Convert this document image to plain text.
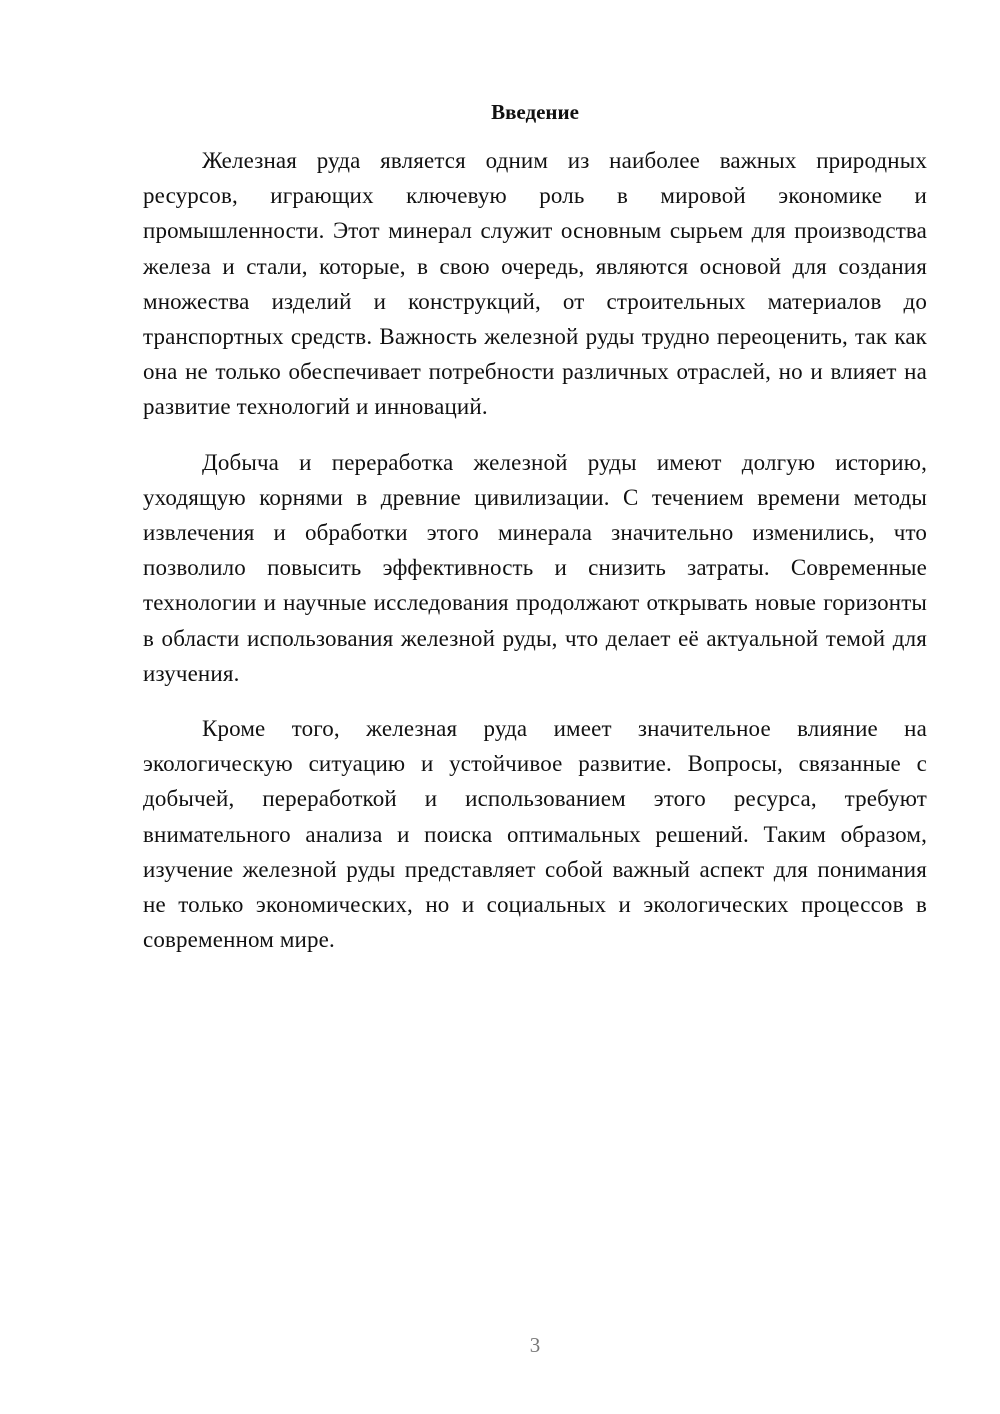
Введение

Железная руда является одним из наиболее важных природных ресурсов, играющих ключевую роль в мировой экономике и промышленности. Этот минерал служит основным сырьем для производства железа и стали, которые, в свою очередь, являются основой для создания множества изделий и конструкций, от строительных материалов до транспортных средств. Важность железной руды трудно переоценить, так как она не только обеспечивает потребности различных отраслей, но и влияет на развитие технологий и инноваций.

Добыча и переработка железной руды имеют долгую историю, уходящую корнями в древние цивилизации. С течением времени методы извлечения и обработки этого минерала значительно изменились, что позволило повысить эффективность и снизить затраты. Современные технологии и научные исследования продолжают открывать новые горизонты в области использования железной руды, что делает её актуальной темой для изучения.

Кроме того, железная руда имеет значительное влияние на экологическую ситуацию и устойчивое развитие. Вопросы, связанные с добычей, переработкой и использованием этого ресурса, требуют внимательного анализа и поиска оптимальных решений. Таким образом, изучение железной руды представляет собой важный аспект для понимания не только экономических, но и социальных и экологических процессов в современном мире.

3
